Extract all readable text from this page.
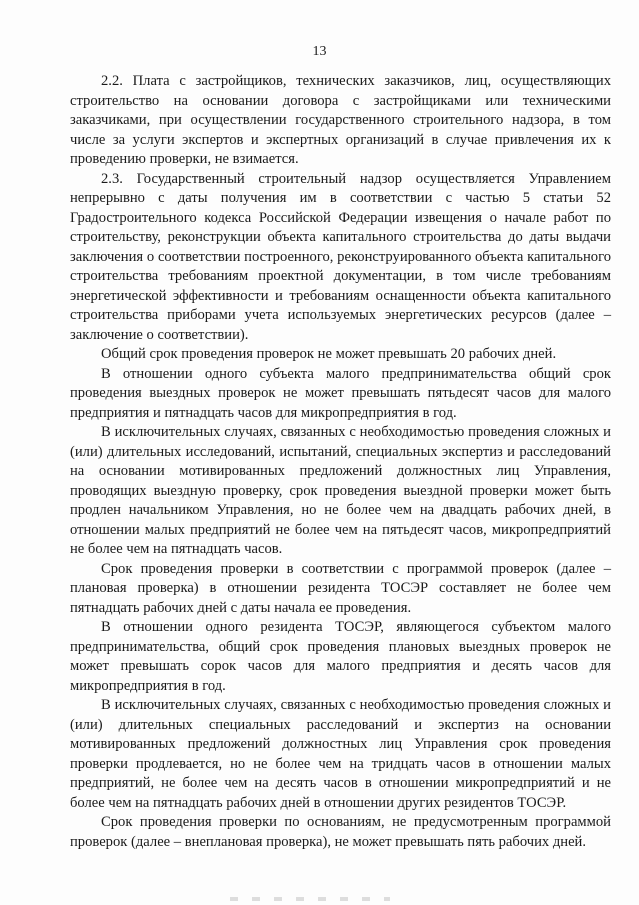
13

2.2. Плата с застройщиков, технических заказчиков, лиц, осуществляющих строительство на основании договора с застройщиками или техническими заказчиками, при осуществлении государственного строительного надзора, в том числе за услуги экспертов и экспертных организаций в случае привлечения их к проведению проверки, не взимается.

2.3. Государственный строительный надзор осуществляется Управлением непрерывно с даты получения им в соответствии с частью 5 статьи 52 Градостроительного кодекса Российской Федерации извещения о начале работ по строительству, реконструкции объекта капитального строительства до даты выдачи заключения о соответствии построенного, реконструированного объекта капитального строительства требованиям проектной документации, в том числе требованиям энергетической эффективности и требованиям оснащенности объекта капитального строительства приборами учета используемых энергетических ресурсов (далее – заключение о соответствии).

Общий срок проведения проверок не может превышать 20 рабочих дней.

В отношении одного субъекта малого предпринимательства общий срок проведения выездных проверок не может превышать пятьдесят часов для малого предприятия и пятнадцать часов для микропредприятия в год.

В исключительных случаях, связанных с необходимостью проведения сложных и (или) длительных исследований, испытаний, специальных экспертиз и расследований на основании мотивированных предложений должностных лиц Управления, проводящих выездную проверку, срок проведения выездной проверки может быть продлен начальником Управления, но не более чем на двадцать рабочих дней, в отношении малых предприятий не более чем на пятьдесят часов, микропредприятий не более чем на пятнадцать часов.

Срок проведения проверки в соответствии с программой проверок (далее – плановая проверка) в отношении резидента ТОСЭР составляет не более чем пятнадцать рабочих дней с даты начала ее проведения.

В отношении одного резидента ТОСЭР, являющегося субъектом малого предпринимательства, общий срок проведения плановых выездных проверок не может превышать сорок часов для малого предприятия и десять часов для микропредприятия в год.

В исключительных случаях, связанных с необходимостью проведения сложных и (или) длительных специальных расследований и экспертиз на основании мотивированных предложений должностных лиц Управления срок проведения проверки продлевается, но не более чем на тридцать часов в отношении малых предприятий, не более чем на десять часов в отношении микропредприятий и не более чем на пятнадцать рабочих дней в отношении других резидентов ТОСЭР.

Срок проведения проверки по основаниям, не предусмотренным программой проверок (далее – внеплановая проверка), не может превышать пять рабочих дней.
